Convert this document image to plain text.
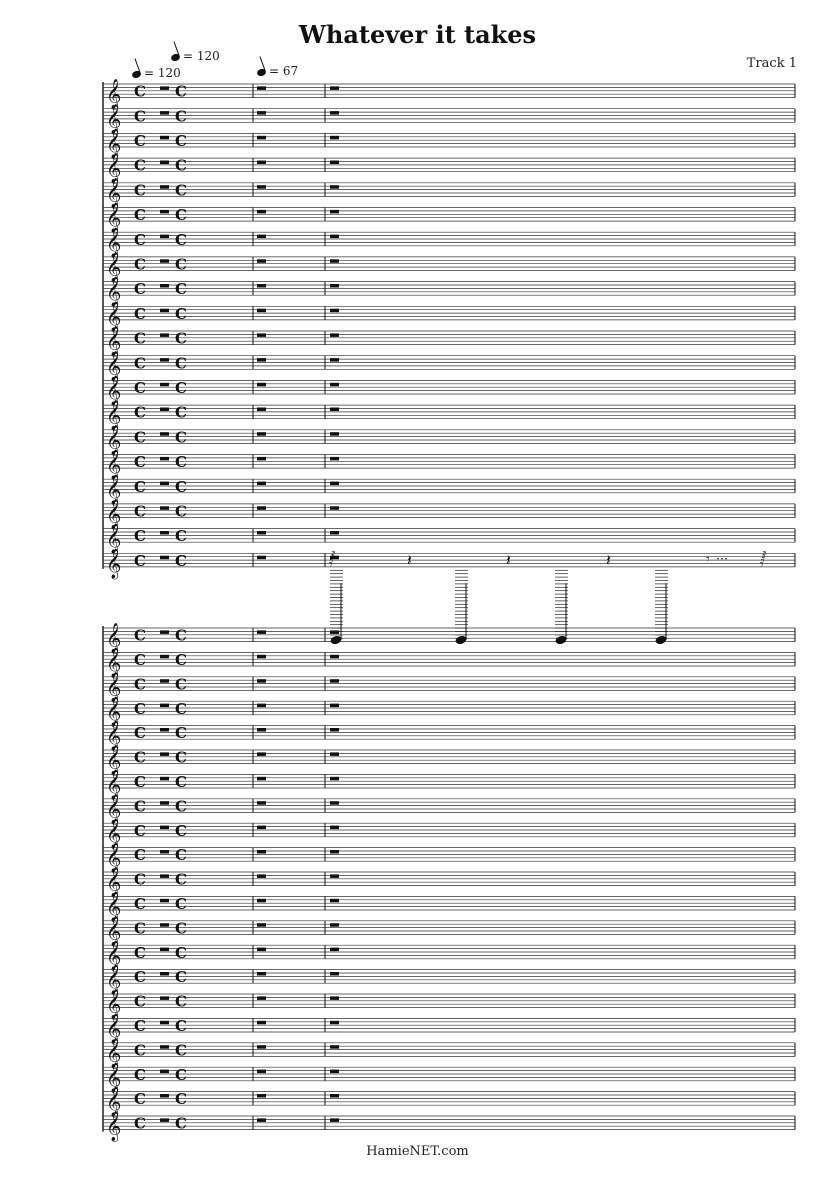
Whatever it takes
Track 1
= 120
= 120
= 67
𝄞 C C
𝄞 C C
𝄞 C C
𝄞 C C
𝄞 C C
𝄞 C C
𝄞 C C
𝄞 C C
𝄞 C C
𝄞 C C
𝄞 C C
𝄞 C C
𝄞 C C
𝄞 C C
𝄞 C C
𝄞 C C
𝄞 C C
𝄞 C C
𝄞 C C
𝄞 C C
𝄞 C C
𝄞 C C
𝄞 C C
𝄞 C C
𝄞 C C
𝄞 C C
𝄞 C C
𝄞 C C
𝄞 C C
𝄞 C C
𝄞 C C
𝄞 C C
𝄞 C C
𝄞 C C
𝄞 C C
𝄞 C C
𝄞 C C
𝄞 C C
𝄞 C C
𝄞 C C
𝄞 C C
𝄽	𝄽	𝄽	𝄾 … 𝅂
𝅂
HamieNET.com
